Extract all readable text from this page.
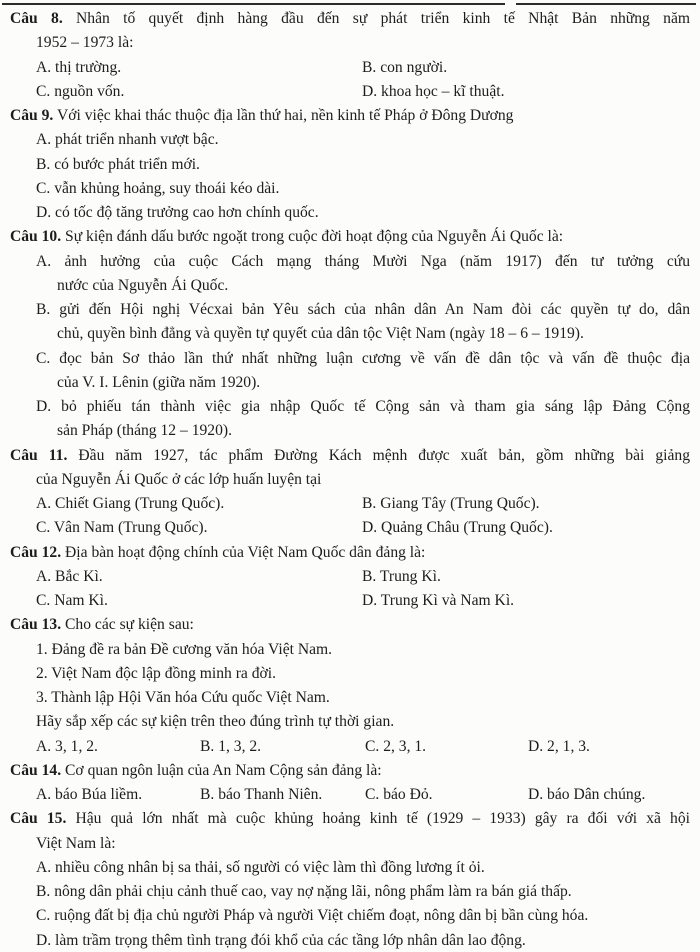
Câu 8. Nhân tố quyết định hàng đầu đến sự phát triển kinh tế Nhật Bản những năm
1952 – 1973 là:
A. thị trường.	B. con người.
C. nguồn vốn.	D. khoa học – kĩ thuật.
Câu 9. Với việc khai thác thuộc địa lần thứ hai, nền kinh tế Pháp ở Đông Dương
A. phát triển nhanh vượt bậc.
B. có bước phát triển mới.
C. vẫn khủng hoảng, suy thoái kéo dài.
D. có tốc độ tăng trưởng cao hơn chính quốc.
Câu 10. Sự kiện đánh dấu bước ngoặt trong cuộc đời hoạt động của Nguyễn Ái Quốc là:
A. ảnh hưởng của cuộc Cách mạng tháng Mười Nga (năm 1917) đến tư tưởng cứu
nước của Nguyễn Ái Quốc.
B. gửi đến Hội nghị Vécxai bản Yêu sách của nhân dân An Nam đòi các quyền tự do, dân
chủ, quyền bình đẳng và quyền tự quyết của dân tộc Việt Nam (ngày 18 – 6 – 1919).
C. đọc bản Sơ thảo lần thứ nhất những luận cương về vấn đề dân tộc và vấn đề thuộc địa
của V. I. Lênin (giữa năm 1920).
D. bỏ phiếu tán thành việc gia nhập Quốc tế Cộng sản và tham gia sáng lập Đảng Cộng
sản Pháp (tháng 12 – 1920).
Câu 11. Đầu năm 1927, tác phẩm Đường Kách mệnh được xuất bản, gồm những bài giảng
của Nguyễn Ái Quốc ở các lớp huấn luyện tại
A. Chiết Giang (Trung Quốc).	B. Giang Tây (Trung Quốc).
C. Vân Nam (Trung Quốc).	D. Quảng Châu (Trung Quốc).
Câu 12. Địa bàn hoạt động chính của Việt Nam Quốc dân đảng là:
A. Bắc Kì.	B. Trung Kì.
C. Nam Kì.	D. Trung Kì và Nam Kì.
Câu 13. Cho các sự kiện sau:
1. Đảng đề ra bản Đề cương văn hóa Việt Nam.
2. Việt Nam độc lập đồng minh ra đời.
3. Thành lập Hội Văn hóa Cứu quốc Việt Nam.
Hãy sắp xếp các sự kiện trên theo đúng trình tự thời gian.
A. 3, 1, 2.	B. 1, 3, 2.	C. 2, 3, 1.	D. 2, 1, 3.
Câu 14. Cơ quan ngôn luận của An Nam Cộng sản đảng là:
A. báo Búa liềm.	B. báo Thanh Niên.	C. báo Đỏ.	D. báo Dân chúng.
Câu 15. Hậu quả lớn nhất mà cuộc khủng hoảng kinh tế (1929 – 1933) gây ra đối với xã hội
Việt Nam là:
A. nhiều công nhân bị sa thải, số người có việc làm thì đồng lương ít ỏi.
B. nông dân phải chịu cảnh thuế cao, vay nợ nặng lãi, nông phẩm làm ra bán giá thấp.
C. ruộng đất bị địa chủ người Pháp và người Việt chiếm đoạt, nông dân bị bần cùng hóa.
D. làm trầm trọng thêm tình trạng đói khổ của các tầng lớp nhân dân lao động.
